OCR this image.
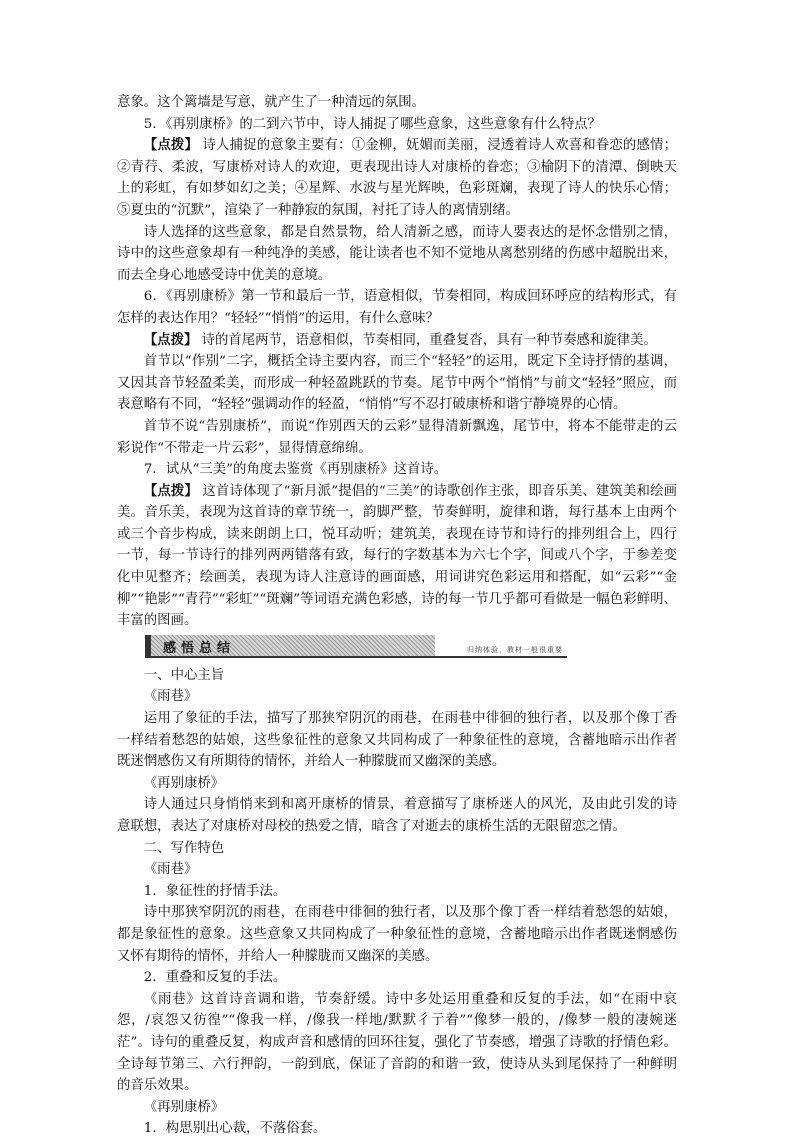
意象。这个篱墙是写意，就产生了一种清远的氛围。

5．《再别康桥》的二到六节中，诗人捕捉了哪些意象，这些意象有什么特点？

【点拨】 诗人捕捉的意象主要有：①金柳，妩媚而美丽，浸透着诗人欢喜和眷恋的感情；②青荇、柔波，写康桥对诗人的欢迎，更表现出诗人对康桥的眷恋；③榆阴下的清潭、倒映天上的彩虹，有如梦如幻之美；④星辉、水波与星光辉映，色彩斑斓，表现了诗人的快乐心情；⑤夏虫的“沉默”，渲染了一种静寂的氛围，衬托了诗人的离情别绪。

诗人选择的这些意象，都是自然景物，给人清新之感，而诗人要表达的是怀念惜别之情，诗中的这些意象却有一种纯净的美感，能让读者也不知不觉地从离愁别绪的伤感中超脱出来，而去全身心地感受诗中优美的意境。

6．《再别康桥》第一节和最后一节，语意相似，节奏相同，构成回环呼应的结构形式，有怎样的表达作用？“轻轻”“悄悄”的运用，有什么意味？

【点拨】 诗的首尾两节，语意相似，节奏相同，重叠复沓，具有一种节奏感和旋律美。

首节以“作别”二字，概括全诗主要内容，而三个“轻轻”的运用，既定下全诗抒情的基调，又因其音节轻盈柔美，而形成一种轻盈跳跃的节奏。尾节中两个“悄悄”与前文“轻轻”照应，而表意略有不同，“轻轻”强调动作的轻盈，“悄悄”写不忍打破康桥和谐宁静境界的心情。

首节不说“告别康桥”，而说“作别西天的云彩”显得清新飘逸，尾节中，将本不能带走的云彩说作“不带走一片云彩”，显得情意绵绵。

7．试从“三美”的角度去鉴赏《再别康桥》这首诗。

【点拨】 这首诗体现了“新月派”提倡的“三美”的诗歌创作主张，即音乐美、建筑美和绘画美。音乐美，表现为这首诗的章节统一，韵脚严整，节奏鲜明，旋律和谐，每行基本上由两个或三个音步构成，读来朗朗上口，悦耳动听；建筑美，表现在诗节和诗行的排列组合上，四行一节，每一节诗行的排列两两错落有致，每行的字数基本为六七个字，间或八个字，于参差变化中见整齐；绘画美，表现为诗人注意诗的画面感，用词讲究色彩运用和搭配，如“云彩”“金柳”“艳影”“青荇”“彩虹”“斑斓”等词语充满色彩感，诗的每一节几乎都可看做是一幅色彩鲜明、丰富的图画。

感悟总结	归纳体验，教材一般很重要

一、中心主旨

《雨巷》

运用了象征的手法，描写了那狭窄阴沉的雨巷，在雨巷中徘徊的独行者，以及那个像丁香一样结着愁怨的姑娘，这些象征性的意象又共同构成了一种象征性的意境，含蓄地暗示出作者既迷惘感伤又有所期待的情怀，并给人一种朦胧而又幽深的美感。

《再别康桥》

诗人通过只身悄悄来到和离开康桥的情景，着意描写了康桥迷人的风光，及由此引发的诗意联想，表达了对康桥对母校的热爱之情，暗含了对逝去的康桥生活的无限留恋之情。

二、写作特色

《雨巷》

1．象征性的抒情手法。

诗中那狭窄阴沉的雨巷，在雨巷中徘徊的独行者，以及那个像丁香一样结着愁怨的姑娘，都是象征性的意象。这些意象又共同构成了一种象征性的意境，含蓄地暗示出作者既迷惘感伤又怀有期待的情怀，并给人一种朦胧而又幽深的美感。

2．重叠和反复的手法。

《雨巷》这首诗音调和谐，节奏舒缓。诗中多处运用重叠和反复的手法，如“在雨中哀怨，/哀怨又彷徨”“像我一样，/像我一样地/默默彳亍着”“像梦一般的，/像梦一般的凄婉迷茫”。诗句的重叠反复，构成声音和感情的回环往复，强化了节奏感，增强了诗歌的抒情色彩。全诗每节第三、六行押韵，一韵到底，保证了音韵的和谐一致，使诗从头到尾保持了一种鲜明的音乐效果。

《再别康桥》

1．构思别出心裁，不落俗套。
